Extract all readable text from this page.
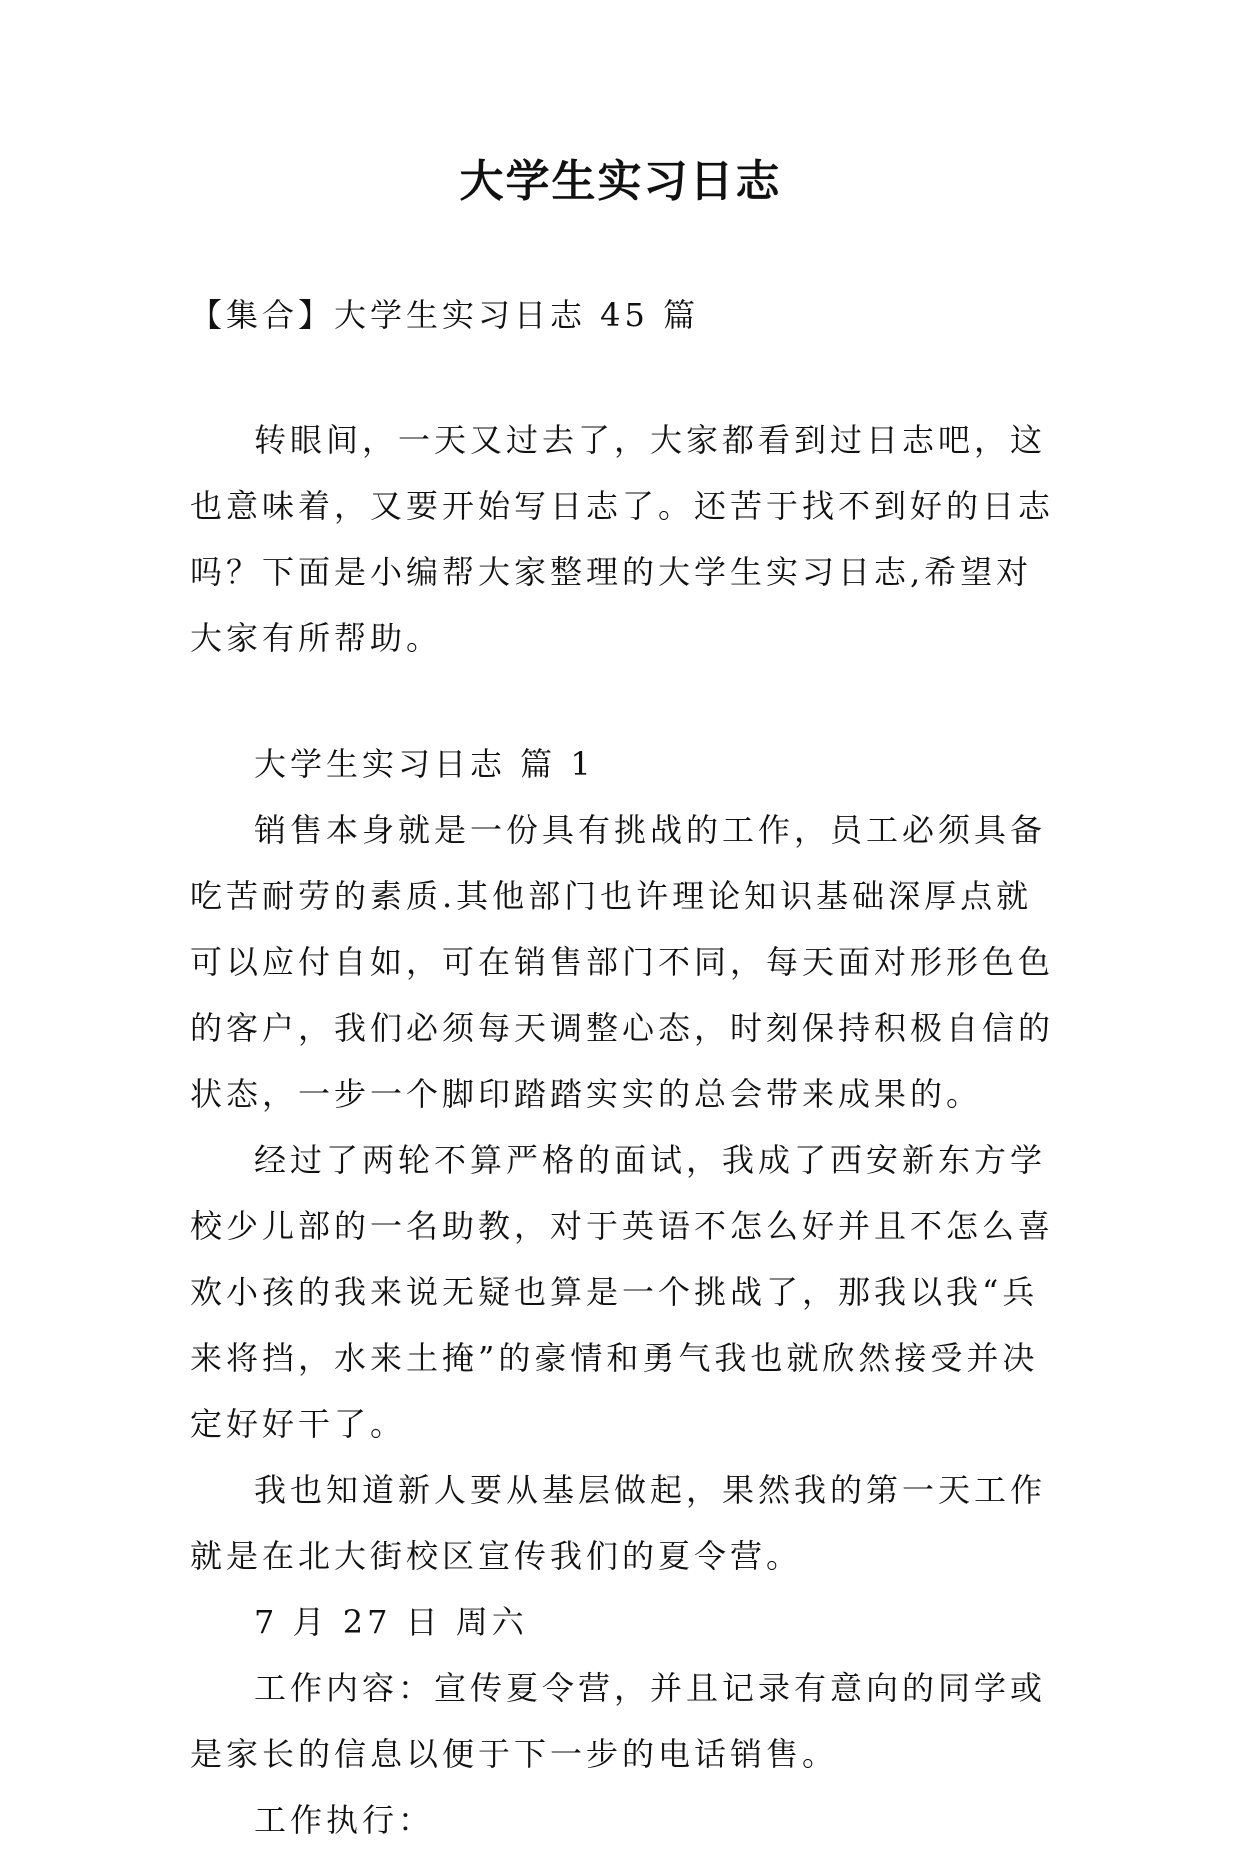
大学生实习日志

【集合】大学生实习日志 45 篇

转眼间，一天又过去了，大家都看到过日志吧，这也意味着，又要开始写日志了。还苦于找不到好的日志吗？下面是小编帮大家整理的大学生实习日志,希望对大家有所帮助。

大学生实习日志 篇 1

销售本身就是一份具有挑战的工作，员工必须具备吃苦耐劳的素质.其他部门也许理论知识基础深厚点就可以应付自如，可在销售部门不同，每天面对形形色色的客户，我们必须每天调整心态，时刻保持积极自信的状态，一步一个脚印踏踏实实的总会带来成果的。

经过了两轮不算严格的面试，我成了西安新东方学校少儿部的一名助教，对于英语不怎么好并且不怎么喜欢小孩的我来说无疑也算是一个挑战了，那我以我“兵来将挡，水来土掩”的豪情和勇气我也就欣然接受并决定好好干了。

我也知道新人要从基层做起，果然我的第一天工作就是在北大街校区宣传我们的夏令营。

7 月 27 日 周六

工作内容：宣传夏令营，并且记录有意向的同学或是家长的信息以便于下一步的电话销售。

工作执行：
